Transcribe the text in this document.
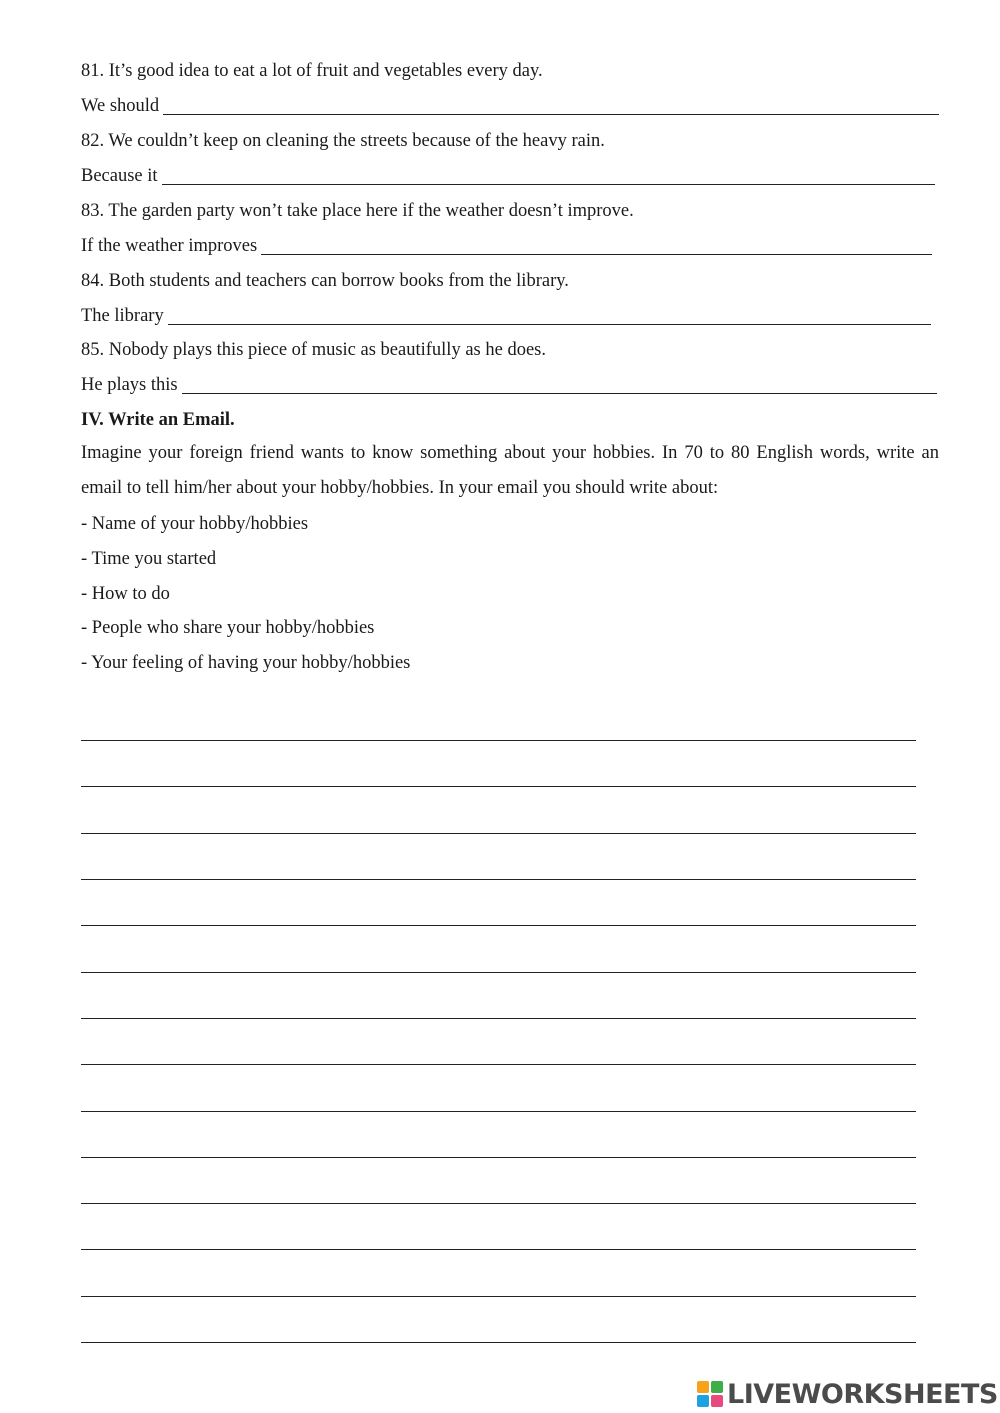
81. It’s good idea to eat a lot of fruit and vegetables every day.
We should
82. We couldn’t keep on cleaning the streets because of the heavy rain.
Because it
83. The garden party won’t take place here if the weather doesn’t improve.
If the weather improves
84. Both students and teachers can borrow books from the library.
The library
85. Nobody plays this piece of music as beautifully as he does.
He plays this
IV. Write an Email.
Imagine your foreign friend wants to know something about your hobbies. In 70 to 80 English words, write an email to tell him/her about your hobby/hobbies. In your email you should write about:
- Name of your hobby/hobbies
- Time you started
- How to do
- People who share your hobby/hobbies
- Your feeling of having your hobby/hobbies
LIVEWORKSHEETS
